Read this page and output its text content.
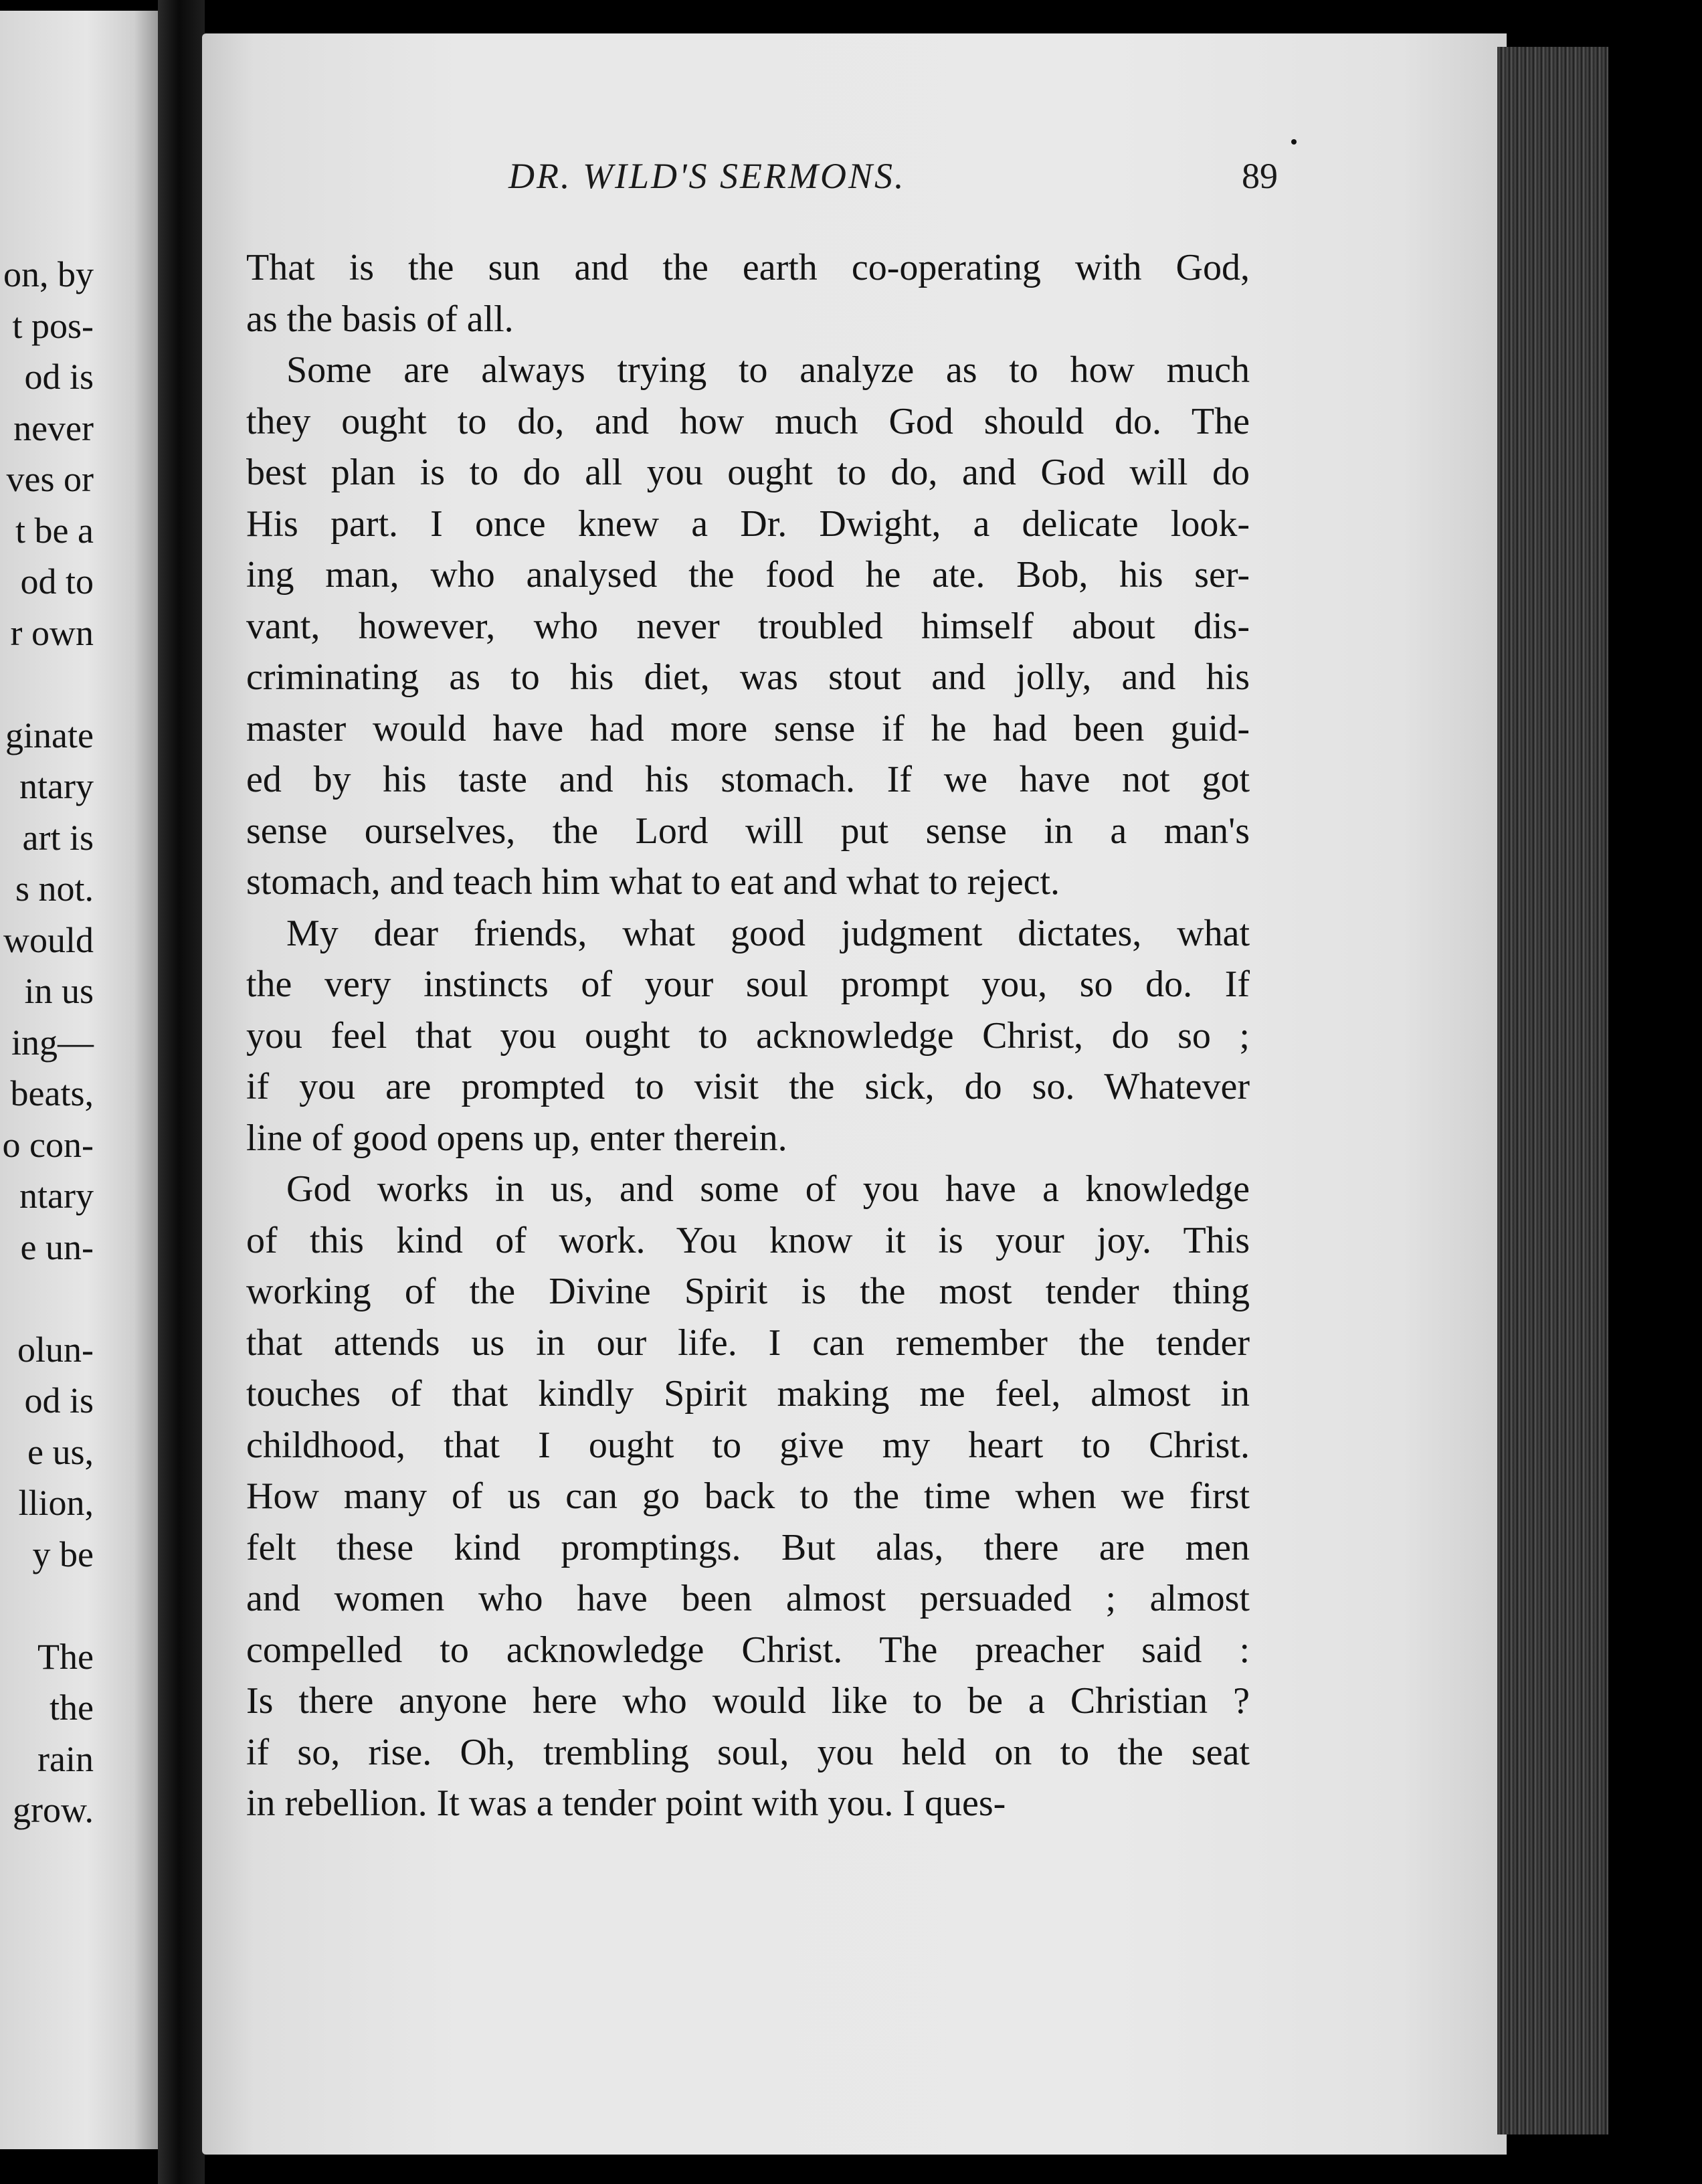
on, by
t pos-
od is
never
ves or
t be a
od to
r own
ginate
ntary
art is
s not.
would
in us
ing—
beats,
o con-
ntary
e un-
olun-
od is
e us,
llion,
y be
The
the
rain
grow.
DR. WILD'S SERMONS.	89
That is the sun and the earth co-operating with God,
as the basis of all.
Some are always trying to analyze as to how much
they ought to do, and how much God should do. The
best plan is to do all you ought to do, and God will do
His part. I once knew a Dr. Dwight, a delicate look-
ing man, who analysed the food he ate. Bob, his ser-
vant, however, who never troubled himself about dis-
criminating as to his diet, was stout and jolly, and his
master would have had more sense if he had been guid-
ed by his taste and his stomach. If we have not got
sense ourselves, the Lord will put sense in a man's
stomach, and teach him what to eat and what to reject.
My dear friends, what good judgment dictates, what
the very instincts of your soul prompt you, so do. If
you feel that you ought to acknowledge Christ, do so ;
if you are prompted to visit the sick, do so. Whatever
line of good opens up, enter therein.
God works in us, and some of you have a knowledge
of this kind of work. You know it is your joy. This
working of the Divine Spirit is the most tender thing
that attends us in our life. I can remember the tender
touches of that kindly Spirit making me feel, almost in
childhood, that I ought to give my heart to Christ.
How many of us can go back to the time when we first
felt these kind promptings. But alas, there are men
and women who have been almost persuaded ; almost
compelled to acknowledge Christ. The preacher said :
Is there anyone here who would like to be a Christian ?
if so, rise. Oh, trembling soul, you held on to the seat
in rebellion. It was a tender point with you. I ques-
